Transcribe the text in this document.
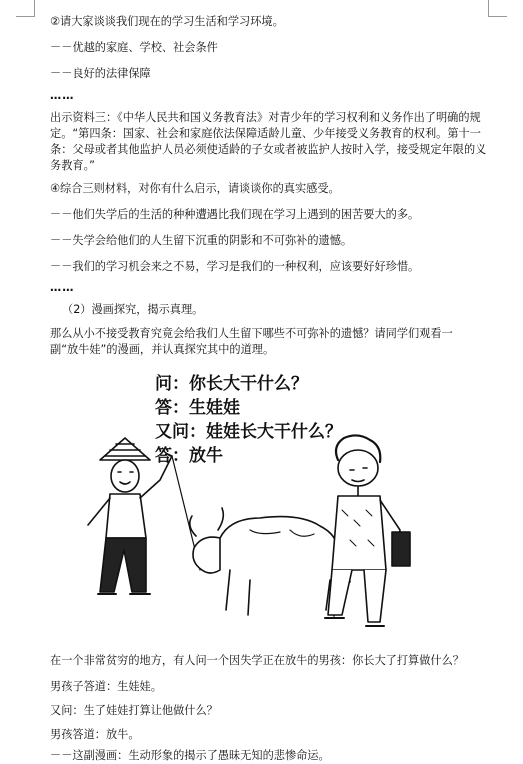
②请大家谈谈我们现在的学习生活和学习环境。
－－优越的家庭、学校、社会条件
－－良好的法律保障
……
出示资料三：《中华人民共和国义务教育法》对青少年的学习权利和义务作出了明确的规定。“第四条：国家、社会和家庭依法保障适龄儿童、少年接受义务教育的权利。第十一条：父母或者其他监护人员必须使适龄的子女或者被监护人按时入学，接受规定年限的义务教育。”
④综合三则材料，对你有什么启示，请谈谈你的真实感受。
－－他们失学后的生活的种种遭遇比我们现在学习上遇到的困苦要大的多。
－－失学会给他们的人生留下沉重的阴影和不可弥补的遗憾。
－－我们的学习机会来之不易，学习是我们的一种权利，应该要好好珍惜。
……
（2）漫画探究，揭示真理。
那么从小不接受教育究竟会给我们人生留下哪些不可弥补的遗憾？请同学们观看一副“放牛娃”的漫画，并认真探究其中的道理。
问：你长大干什么？
答：生娃娃
又问：娃娃长大干什么？
答：放牛
在一个非常贫穷的地方，有人问一个因失学正在放牛的男孩：你长大了打算做什么？
男孩子答道：生娃娃。
又问：生了娃娃打算让他做什么？
男孩答道：放牛。
－－这副漫画：生动形象的揭示了愚昧无知的悲惨命运。
